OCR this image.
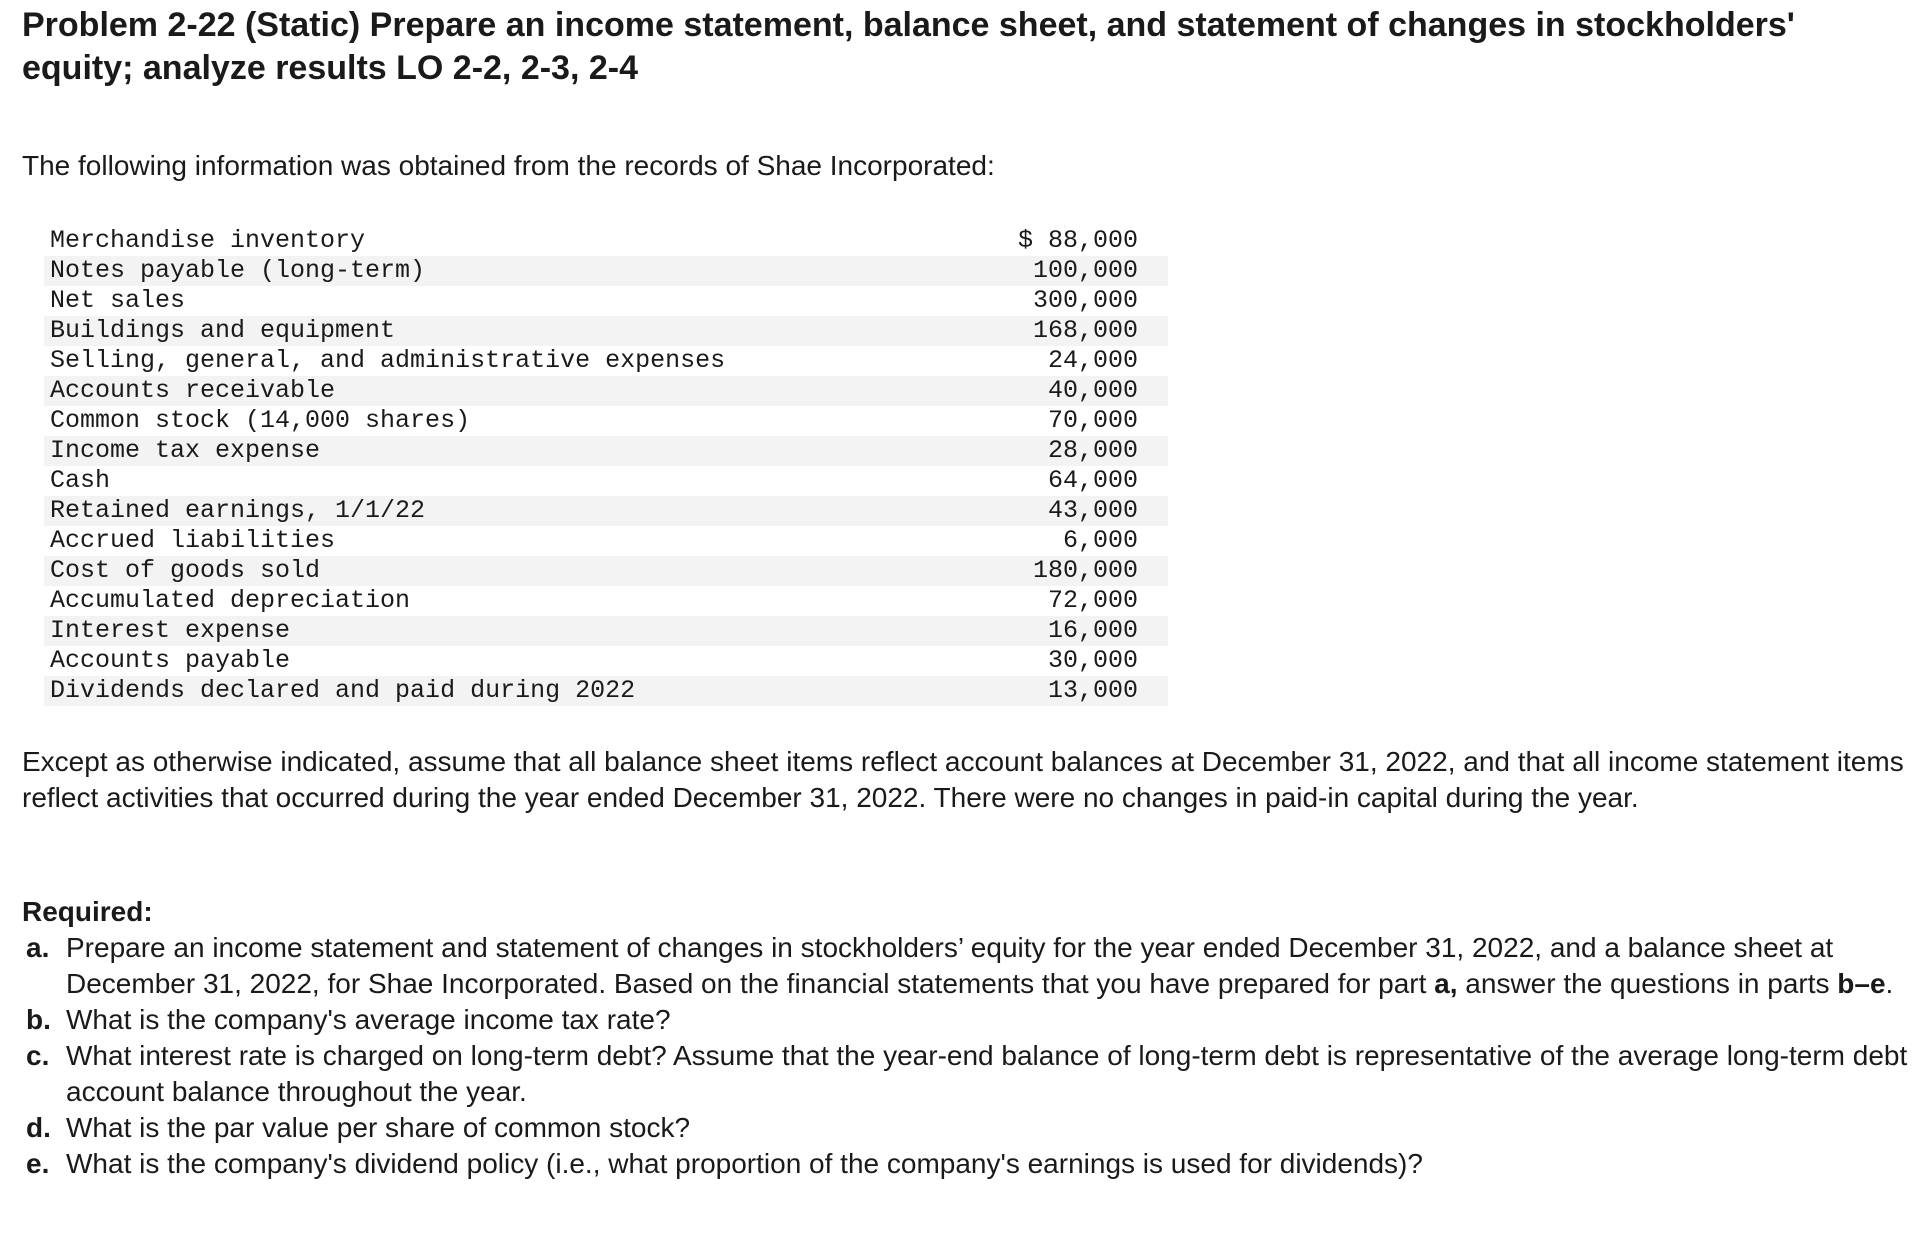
Problem 2-22 (Static) Prepare an income statement, balance sheet, and statement of changes in stockholders' equity; analyze results LO 2-2, 2-3, 2-4

The following information was obtained from the records of Shae Incorporated:

Merchandise inventory	$ 88,000
Notes payable (long-term)	100,000
Net sales	300,000
Buildings and equipment	168,000
Selling, general, and administrative expenses	24,000
Accounts receivable	40,000
Common stock (14,000 shares)	70,000
Income tax expense	28,000
Cash	64,000
Retained earnings, 1/1/22	43,000
Accrued liabilities	6,000
Cost of goods sold	180,000
Accumulated depreciation	72,000
Interest expense	16,000
Accounts payable	30,000
Dividends declared and paid during 2022	13,000

Except as otherwise indicated, assume that all balance sheet items reflect account balances at December 31, 2022, and that all income statement items reflect activities that occurred during the year ended December 31, 2022. There were no changes in paid-in capital during the year.

Required:

a. Prepare an income statement and statement of changes in stockholders’ equity for the year ended December 31, 2022, and a balance sheet at December 31, 2022, for Shae Incorporated. Based on the financial statements that you have prepared for part a, answer the questions in parts b–e.
b. What is the company's average income tax rate?
c. What interest rate is charged on long-term debt? Assume that the year-end balance of long-term debt is representative of the average long-term debt account balance throughout the year.
d. What is the par value per share of common stock?
e. What is the company's dividend policy (i.e., what proportion of the company's earnings is used for dividends)?
